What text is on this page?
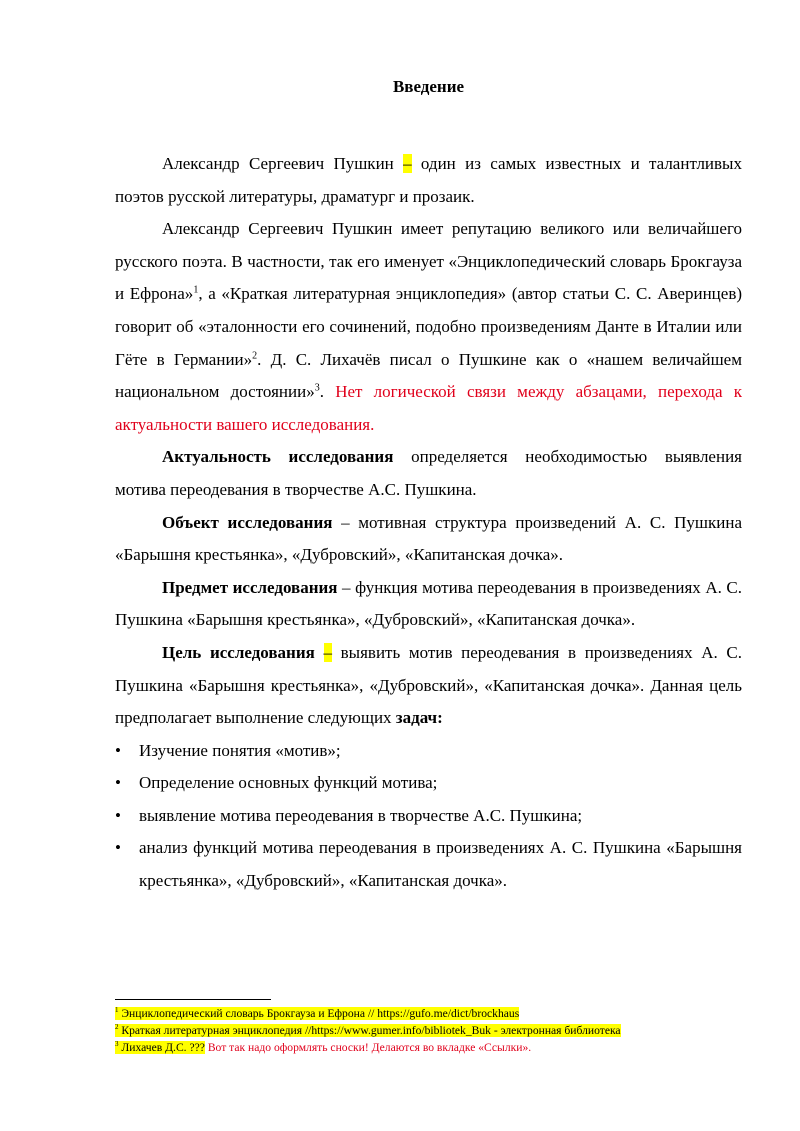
Введение

Александр Сергеевич Пушкин – один из самых известных и талантливых поэтов русской литературы, драматург и прозаик.

Александр Сергеевич Пушкин имеет репутацию великого или величайшего русского поэта. В частности, так его именует «Энциклопедический словарь Брокгауза и Ефрона»$^1$, а «Краткая литературная энциклопедия» (автор статьи С. С. Аверинцев) говорит об «эталонности его сочинений, подобно произведениям Данте в Италии или Гёте в Германии»$^2$. Д. С. Лихачёв писал о Пушкине как о «нашем величайшем национальном достоянии»$^3$. Нет логической связи между абзацами, перехода к актуальности вашего исследования.

Актуальность исследования определяется необходимостью выявления мотива переодевания в творчестве А.С. Пушкина.

Объект исследования – мотивная структура произведений А. С. Пушкина «Барышня крестьянка», «Дубровский», «Капитанская дочка».

Предмет исследования – функция мотива переодевания в произведениях А. С. Пушкина «Барышня крестьянка», «Дубровский», «Капитанская дочка».

Цель исследования – выявить мотив переодевания в произведениях А. С. Пушкина «Барышня крестьянка», «Дубровский», «Капитанская дочка». Данная цель предполагает выполнение следующих задач:

•	Изучение понятия «мотив»;
•	Определение основных функций мотива;
•	выявление мотива переодевания в творчестве А.С. Пушкина;
•	анализ функций мотива переодевания в произведениях А. С. Пушкина «Барышня крестьянка», «Дубровский», «Капитанская дочка».
$^1$ Энциклопедический словарь Брокгауза и Ефрона // https://gufo.me/dict/brockhaus
$^2$ Краткая литературная энциклопедия //https://www.gumer.info/bibliotek_Buk - электронная библиотека
$^3$ Лихачев Д.С. ??? Вот так надо оформлять сноски! Делаются во вкладке «Ссылки».
